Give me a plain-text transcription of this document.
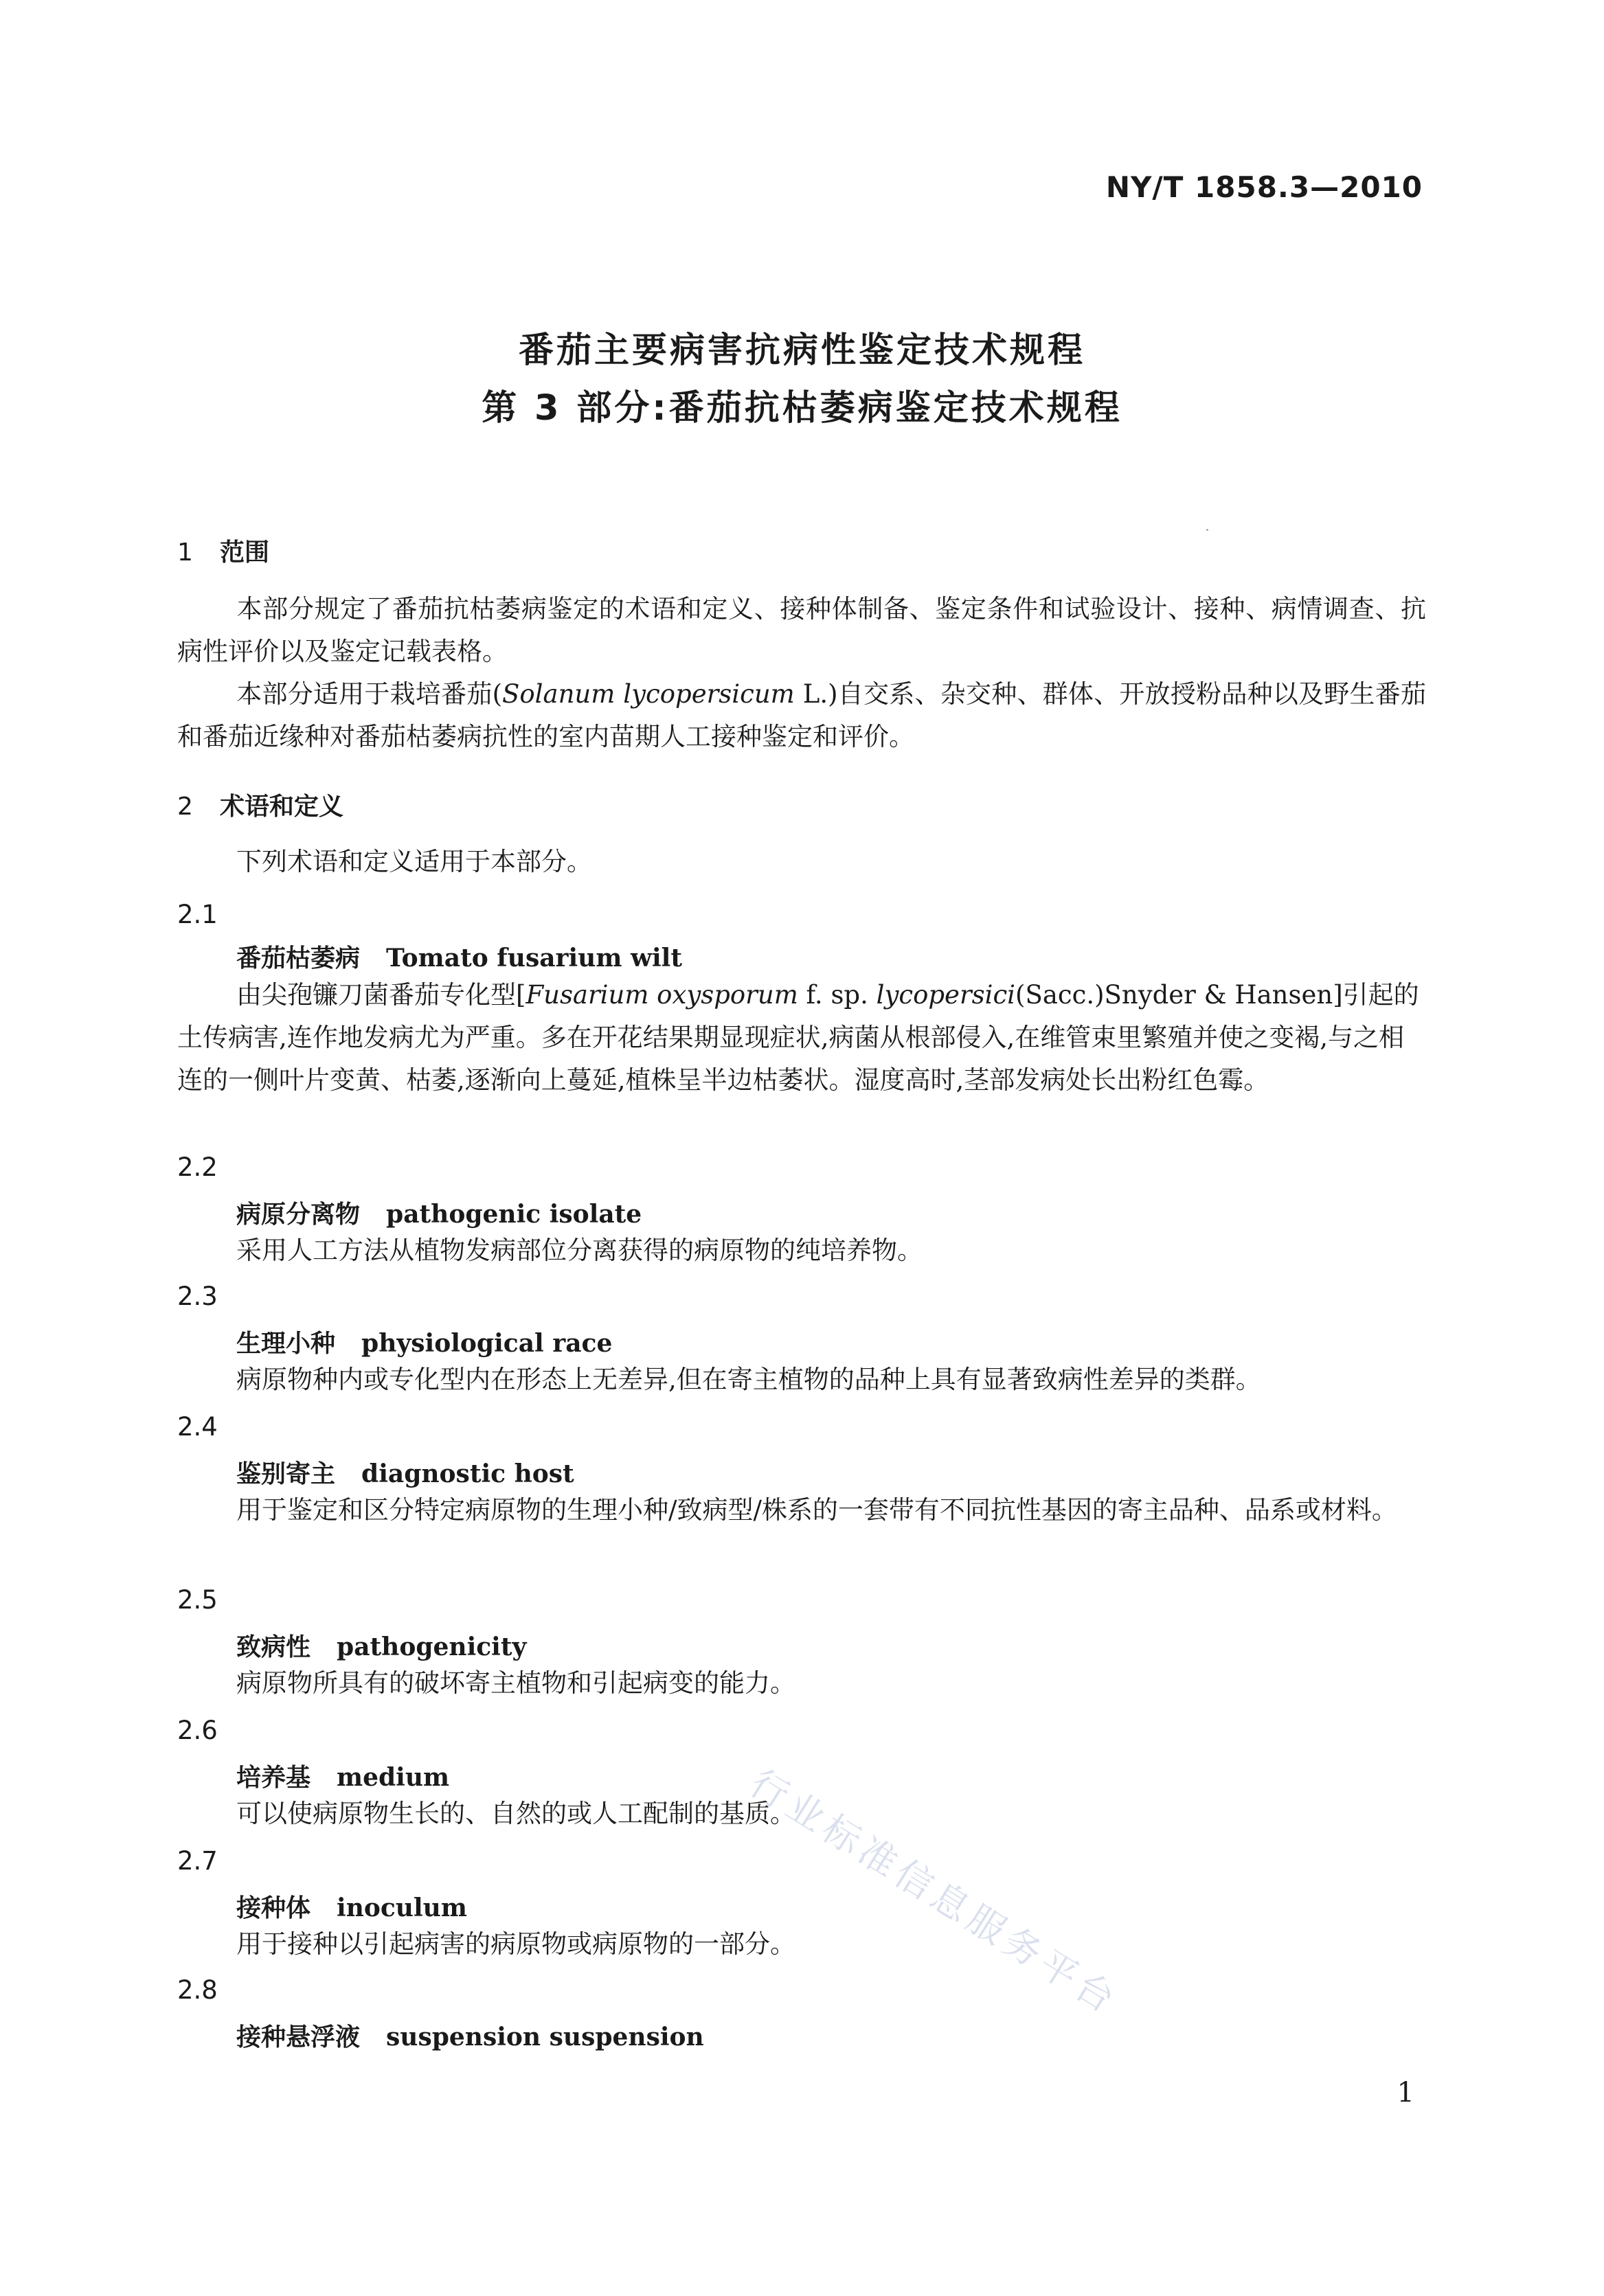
NY/T 1858.3—2010
番茄主要病害抗病性鉴定技术规程
第 3 部分:番茄抗枯萎病鉴定技术规程
1 范围
本部分规定了番茄抗枯萎病鉴定的术语和定义、接种体制备、鉴定条件和试验设计、接种、病情调查、抗病性评价以及鉴定记载表格。
本部分适用于栽培番茄(Solanum lycopersicum L.)自交系、杂交种、群体、开放授粉品种以及野生番茄和番茄近缘种对番茄枯萎病抗性的室内苗期人工接种鉴定和评价。
2 术语和定义
下列术语和定义适用于本部分。
2.1
番茄枯萎病 Tomato fusarium wilt
由尖孢镰刀菌番茄专化型[Fusarium oxysporum f. sp. lycopersici(Sacc.)Snyder & Hansen]引起的土传病害,连作地发病尤为严重。多在开花结果期显现症状,病菌从根部侵入,在维管束里繁殖并使之变褐,与之相连的一侧叶片变黄、枯萎,逐渐向上蔓延,植株呈半边枯萎状。湿度高时,茎部发病处长出粉红色霉。
2.2
病原分离物 pathogenic isolate
采用人工方法从植物发病部位分离获得的病原物的纯培养物。
2.3
生理小种 physiological race
病原物种内或专化型内在形态上无差异,但在寄主植物的品种上具有显著致病性差异的类群。
2.4
鉴别寄主 diagnostic host
用于鉴定和区分特定病原物的生理小种/致病型/株系的一套带有不同抗性基因的寄主品种、品系或材料。
2.5
致病性 pathogenicity
病原物所具有的破坏寄主植物和引起病变的能力。
2.6
培养基 medium
可以使病原物生长的、自然的或人工配制的基质。
2.7
接种体 inoculum
用于接种以引起病害的病原物或病原物的一部分。
2.8
接种悬浮液 suspension suspension
行业标准信息服务平台
1
